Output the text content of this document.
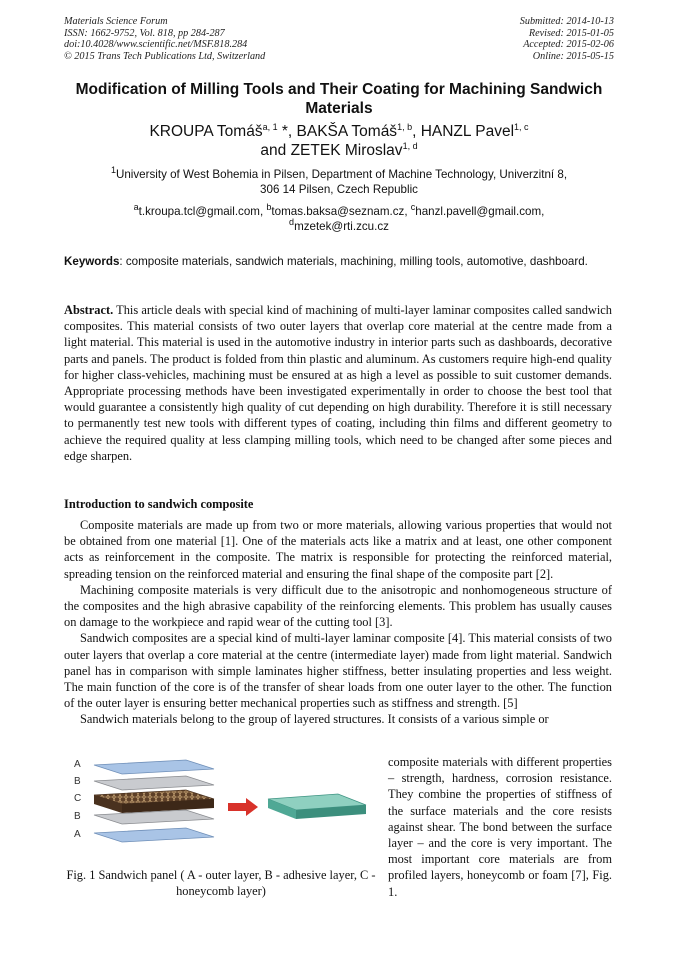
Materials Science Forum
ISSN: 1662-9752, Vol. 818, pp 284-287
doi:10.4028/www.scientific.net/MSF.818.284
© 2015 Trans Tech Publications Ltd, Switzerland
Submitted: 2014-10-13
Revised: 2015-01-05
Accepted: 2015-02-06
Online: 2015-05-15
Modification of Milling Tools and Their Coating for Machining Sandwich Materials
KROUPA Tomáš$^{a, 1}$ *, BAKŠA Tomáš$^{1, b}$, HANZL Pavel$^{1, c}$
and ZETEK Miroslav$^{1, d}$
$^1$University of West Bohemia in Pilsen, Department of Machine Technology, Univerzitní 8,
306 14 Pilsen, Czech Republic
$^a$t.kroupa.tcl@gmail.com, $^b$tomas.baksa@seznam.cz, $^c$hanzl.pavell@gmail.com,
$^d$mzetek@rti.zcu.cz
Keywords: composite materials, sandwich materials, machining, milling tools, automotive, dashboard.
Abstract. This article deals with special kind of machining of multi-layer laminar composites called sandwich composites. This material consists of two outer layers that overlap core material at the centre made from a light material. This material is used in the automotive industry in interior parts such as dashboards, decorative parts and panels. The product is folded from thin plastic and aluminum. As customers require high-end quality for higher class-vehicles, machining must be ensured at as high a level as possible to suit customer demands. Appropriate processing methods have been investigated experimentally in order to choose the best tool that would guarantee a consistently high quality of cut depending on high durability. Therefore it is still necessary to permanently test new tools with different types of coating, including thin films and different geometry to achieve the required quality at less clamping milling tools, which need to be changed after some pieces and edge sharpen.
Introduction to sandwich composite

Composite materials are made up from two or more materials, allowing various properties that would not be obtained from one material [1]. One of the materials acts like a matrix and at least, one other component acts as reinforcement in the composite. The matrix is responsible for protecting the reinforced material, spreading tension on the reinforced material and ensuring the final shape of the composite part [2].

Machining composite materials is very difficult due to the anisotropic and nonhomogeneous structure of the composites and the high abrasive capability of the reinforcing elements. This problem has usually causes on damage to the workpiece and rapid wear of the cutting tool [3].

Sandwich composites are a special kind of multi-layer laminar composite [4]. This material consists of two outer layers that overlap a core material at the centre (intermediate layer) made from light material. Sandwich panel has in comparison with simple laminates higher stiffness, better insulating properties and less weight. The main function of the core is of the transfer of shear loads from one outer layer to the other. The function of the outer layer is ensuring better mechanical properties such as stiffness and strength. [5]

Sandwich materials belong to the group of layered structures. It consists of a various simple or

A
B
C
B
A
Fig. 1 Sandwich panel ( A - outer layer, B - adhesive layer, C - honeycomb layer)
composite materials with different properties – strength, hardness, corrosion resistance. They combine the properties of stiffness of the surface materials and the core resists against shear. The bond between the surface layer – and the core is very important. The most important core materials are from profiled layers, honeycomb or foam [7], Fig. 1.
